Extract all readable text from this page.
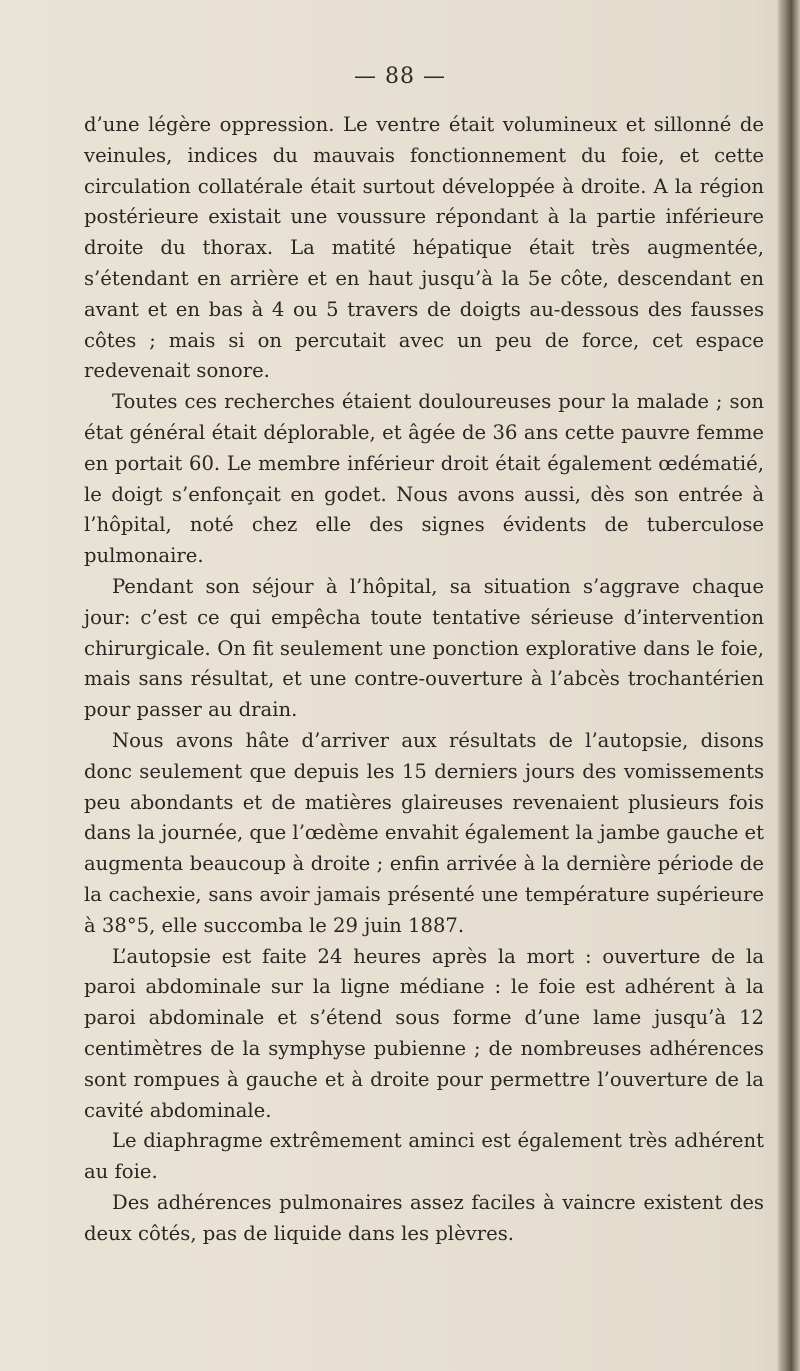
— 88 —

d’une légère oppression. Le ventre était volumineux et sillonné de veinules, indices du mauvais fonctionnement du foie, et cette circulation collatérale était surtout développée à droite. A la région postérieure existait une voussure répondant à la partie inférieure droite du thorax. La matité hépatique était très augmentée, s’étendant en arrière et en haut jusqu’à la 5e côte, descendant en avant et en bas à 4 ou 5 travers de doigts au-dessous des fausses côtes ; mais si on percutait avec un peu de force, cet espace redevenait sonore.

Toutes ces recherches étaient douloureuses pour la malade ; son état général était déplorable, et âgée de 36 ans cette pauvre femme en portait 60. Le membre inférieur droit était également œdématié, le doigt s’enfonçait en godet. Nous avons aussi, dès son entrée à l’hôpital, noté chez elle des signes évidents de tuberculose pulmonaire.

Pendant son séjour à l’hôpital, sa situation s’aggrave chaque jour: c’est ce qui empêcha toute tentative sérieuse d’intervention chirurgicale. On fit seulement une ponction explorative dans le foie, mais sans résultat, et une contre-ouverture à l’abcès trochantérien pour passer au drain.

Nous avons hâte d’arriver aux résultats de l’autopsie, disons donc seulement que depuis les 15 derniers jours des vomissements peu abondants et de matières glaireuses revenaient plusieurs fois dans la journée, que l’œdème envahit également la jambe gauche et augmenta beaucoup à droite ; enfin arrivée à la dernière période de la cachexie, sans avoir jamais présenté une température supérieure à 38°5, elle succomba le 29 juin 1887.

L’autopsie est faite 24 heures après la mort : ouverture de la paroi abdominale sur la ligne médiane : le foie est adhérent à la paroi abdominale et s’étend sous forme d’une lame jusqu’à 12 centimètres de la symphyse pubienne ; de nombreuses adhérences sont rompues à gauche et à droite pour permettre l’ouverture de la cavité abdominale.

Le diaphragme extrêmement aminci est également très adhérent au foie.

Des adhérences pulmonaires assez faciles à vaincre existent des deux côtés, pas de liquide dans les plèvres.
